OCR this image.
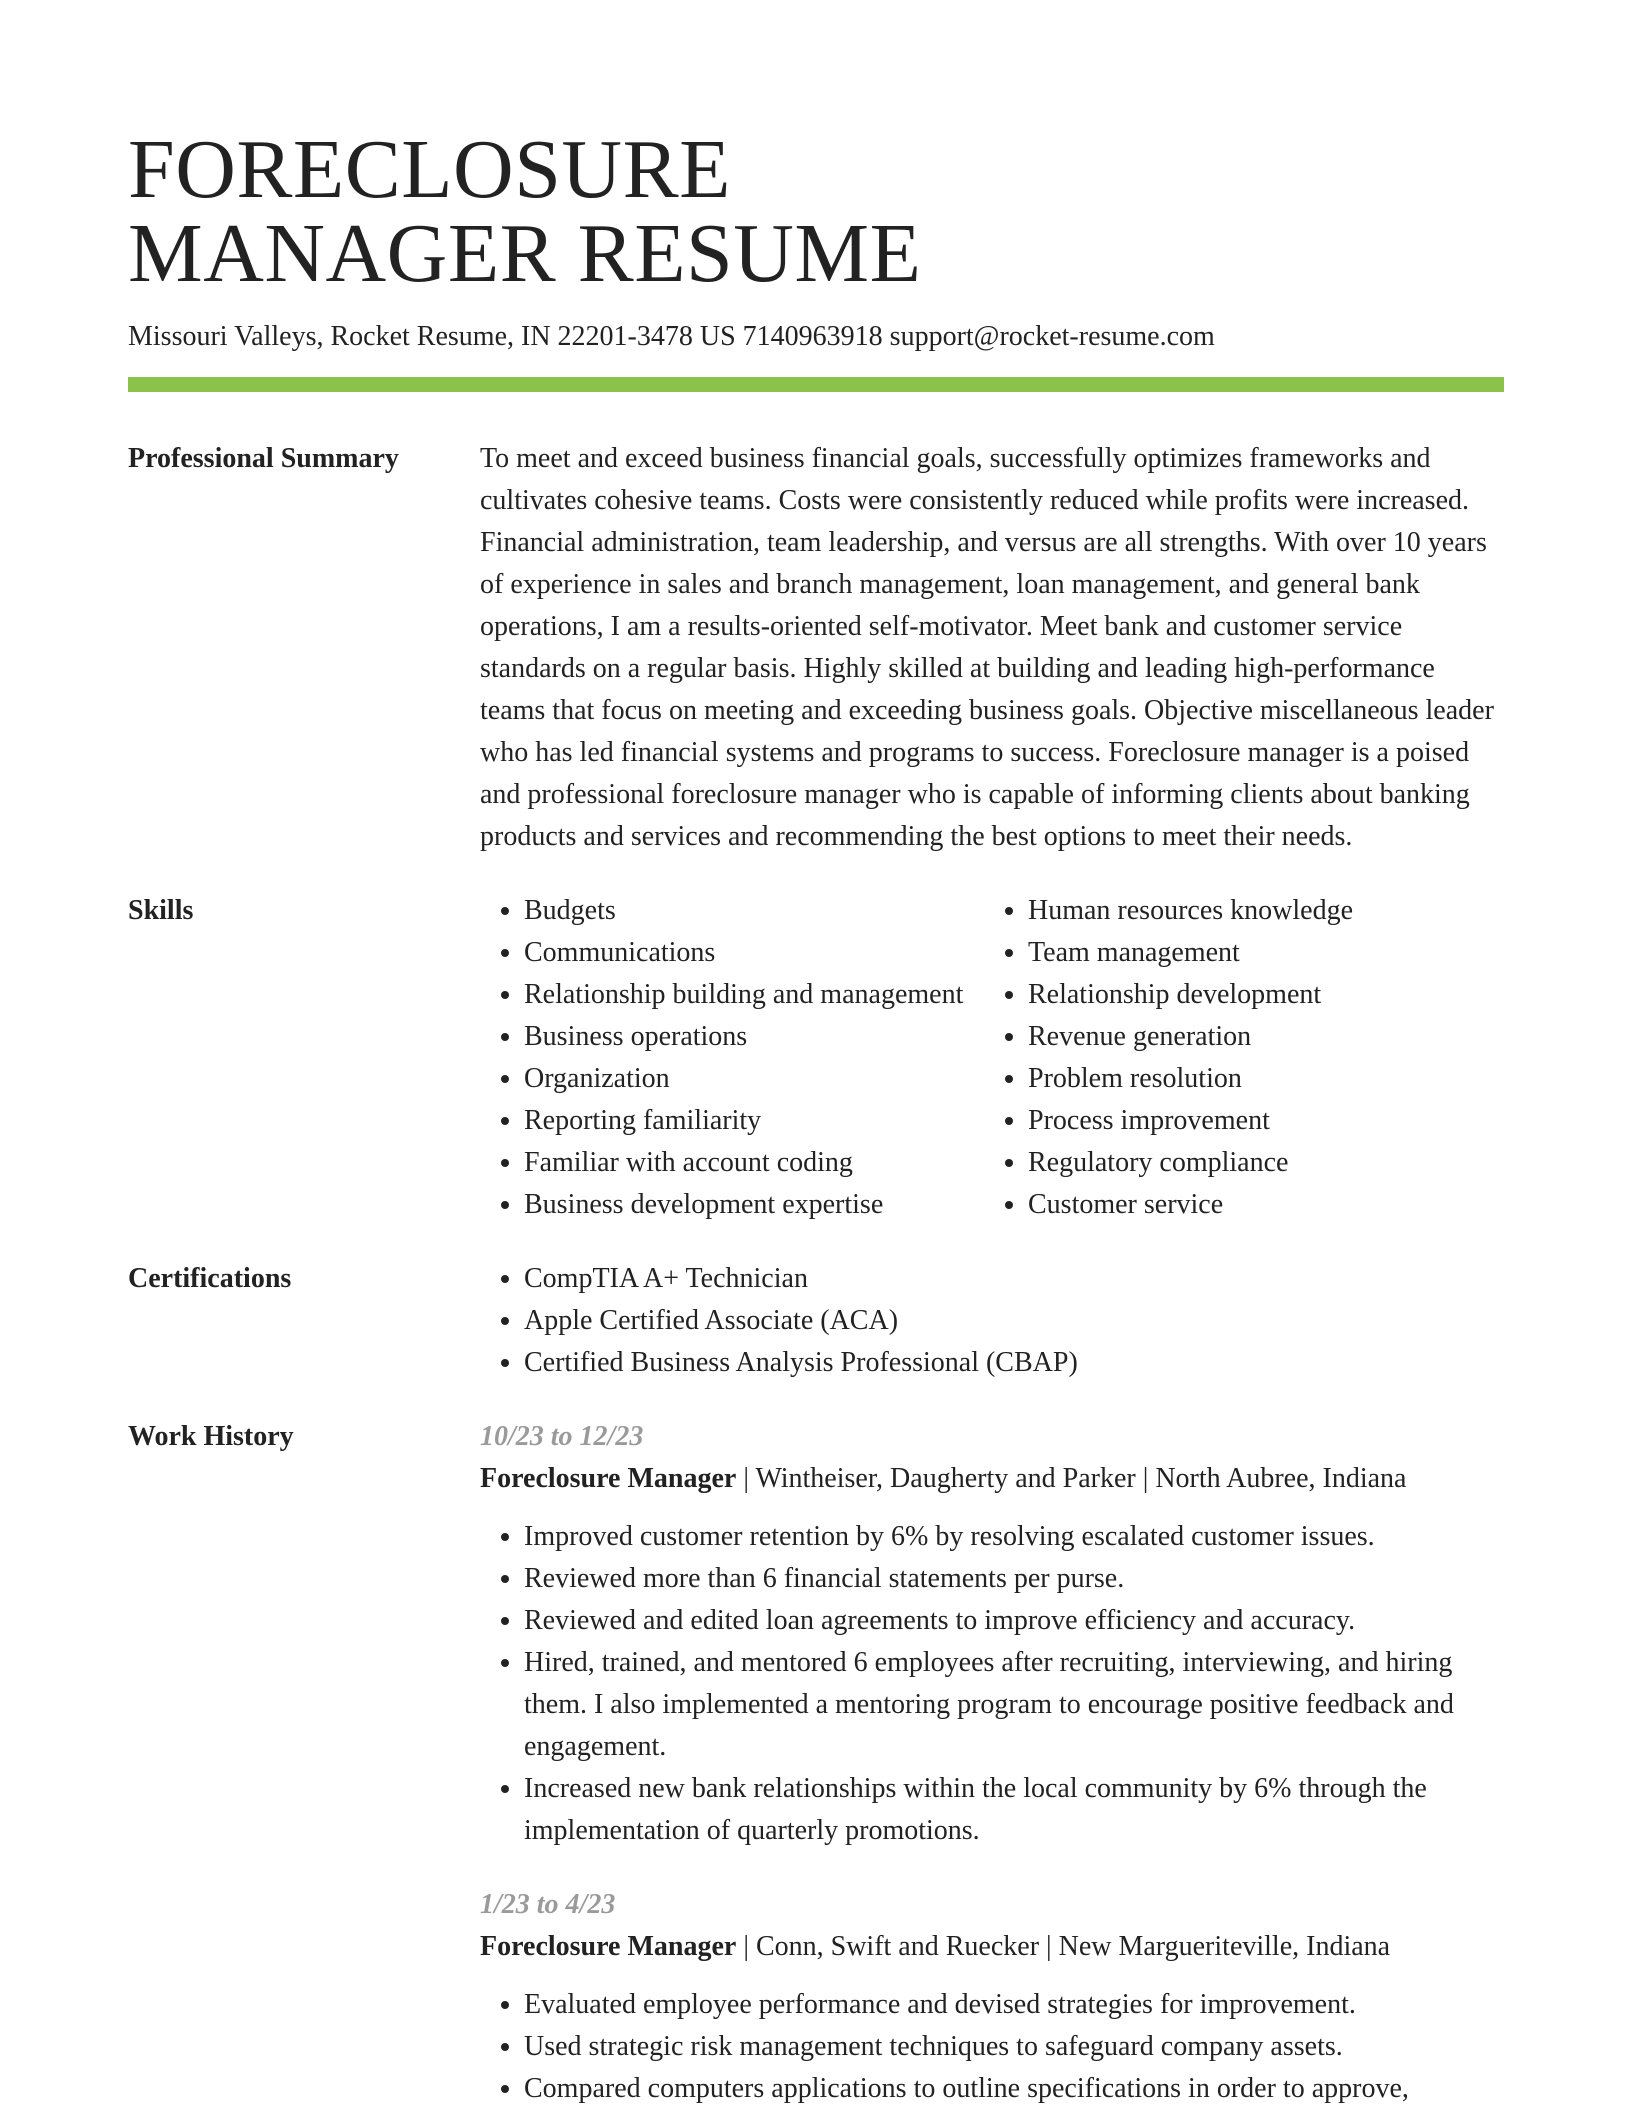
FORECLOSURE
MANAGER RESUME
Missouri Valleys, Rocket Resume, IN 22201-3478 US 7140963918 support@rocket-resume.com
Professional Summary	To meet and exceed business financial goals, successfully optimizes frameworks and cultivates cohesive teams. Costs were consistently reduced while profits were increased. Financial administration, team leadership, and versus are all strengths. With over 10 years of experience in sales and branch management, loan management, and general bank operations, I am a results-oriented self-motivator. Meet bank and customer service standards on a regular basis. Highly skilled at building and leading high-performance teams that focus on meeting and exceeding business goals. Objective miscellaneous leader who has led financial systems and programs to success. Foreclosure manager is a poised and professional foreclosure manager who is capable of informing clients about banking products and services and recommending the best options to meet their needs.

Skills	• Budgets
• Communications
• Relationship building and management
• Business operations
• Organization
• Reporting familiarity
• Familiar with account coding
• Business development expertise
• Human resources knowledge
• Team management
• Relationship development
• Revenue generation
• Problem resolution
• Process improvement
• Regulatory compliance
• Customer service
Certifications	• CompTIA A+ Technician
• Apple Certified Associate (ACA)
• Certified Business Analysis Professional (CBAP)
Work History	10/23 to 12/23
Foreclosure Manager | Wintheiser, Daugherty and Parker | North Aubree, Indiana
• Improved customer retention by 6% by resolving escalated customer issues.
• Reviewed more than 6 financial statements per purse.
• Reviewed and edited loan agreements to improve efficiency and accuracy.
• Hired, trained, and mentored 6 employees after recruiting, interviewing, and hiring them. I also implemented a mentoring program to encourage positive feedback and engagement.
• Increased new bank relationships within the local community by 6% through the implementation of quarterly promotions.
1/23 to 4/23
Foreclosure Manager | Conn, Swift and Ruecker | New Margueriteville, Indiana
• Evaluated employee performance and devised strategies for improvement.
• Used strategic risk management techniques to safeguard company assets.
• Compared computers applications to outline specifications in order to approve,
